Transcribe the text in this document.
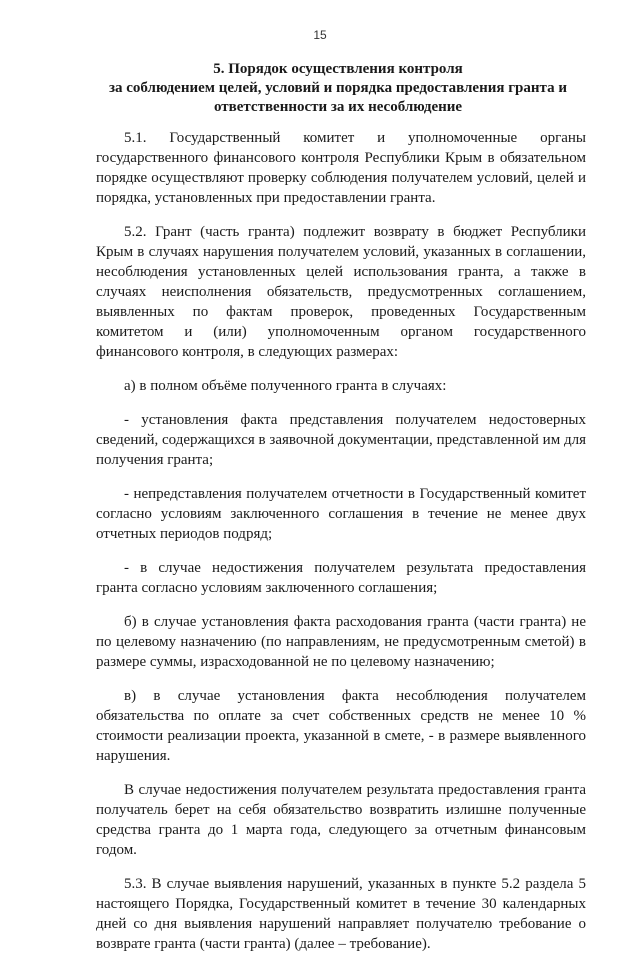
15
5. Порядок осуществления контроля
за соблюдением целей, условий и порядка предоставления гранта и
ответственности за их несоблюдение

5.1. Государственный комитет и уполномоченные органы государственного финансового контроля Республики Крым в обязательном порядке осуществляют проверку соблюдения получателем условий, целей и порядка, установленных при предоставлении гранта.

5.2. Грант (часть гранта) подлежит возврату в бюджет Республики Крым в случаях нарушения получателем условий, указанных в соглашении, несоблюдения установленных целей использования гранта, а также в случаях неисполнения обязательств, предусмотренных соглашением, выявленных по фактам проверок, проведенных Государственным комитетом и (или) уполномоченным органом государственного финансового контроля, в следующих размерах:

а) в полном объёме полученного гранта в случаях:

- установления факта представления получателем недостоверных сведений, содержащихся в заявочной документации, представленной им для получения гранта;

- непредставления получателем отчетности в Государственный комитет согласно условиям заключенного соглашения в течение не менее двух отчетных периодов подряд;

- в случае недостижения получателем результата предоставления гранта согласно условиям заключенного соглашения;

б) в случае установления факта расходования гранта (части гранта) не по целевому назначению (по направлениям, не предусмотренным сметой) в размере суммы, израсходованной не по целевому назначению;

в) в случае установления факта несоблюдения получателем обязательства по оплате за счет собственных средств не менее 10 % стоимости реализации проекта, указанной в смете, - в размере выявленного нарушения.

В случае недостижения получателем результата предоставления гранта получатель берет на себя обязательство возвратить излишне полученные средства гранта до 1 марта года, следующего за отчетным финансовым годом.

5.3. В случае выявления нарушений, указанных в пункте 5.2 раздела 5 настоящего Порядка, Государственный комитет в течение 30 календарных дней со дня выявления нарушений направляет получателю требование о возврате гранта (части гранта) (далее – требование).
